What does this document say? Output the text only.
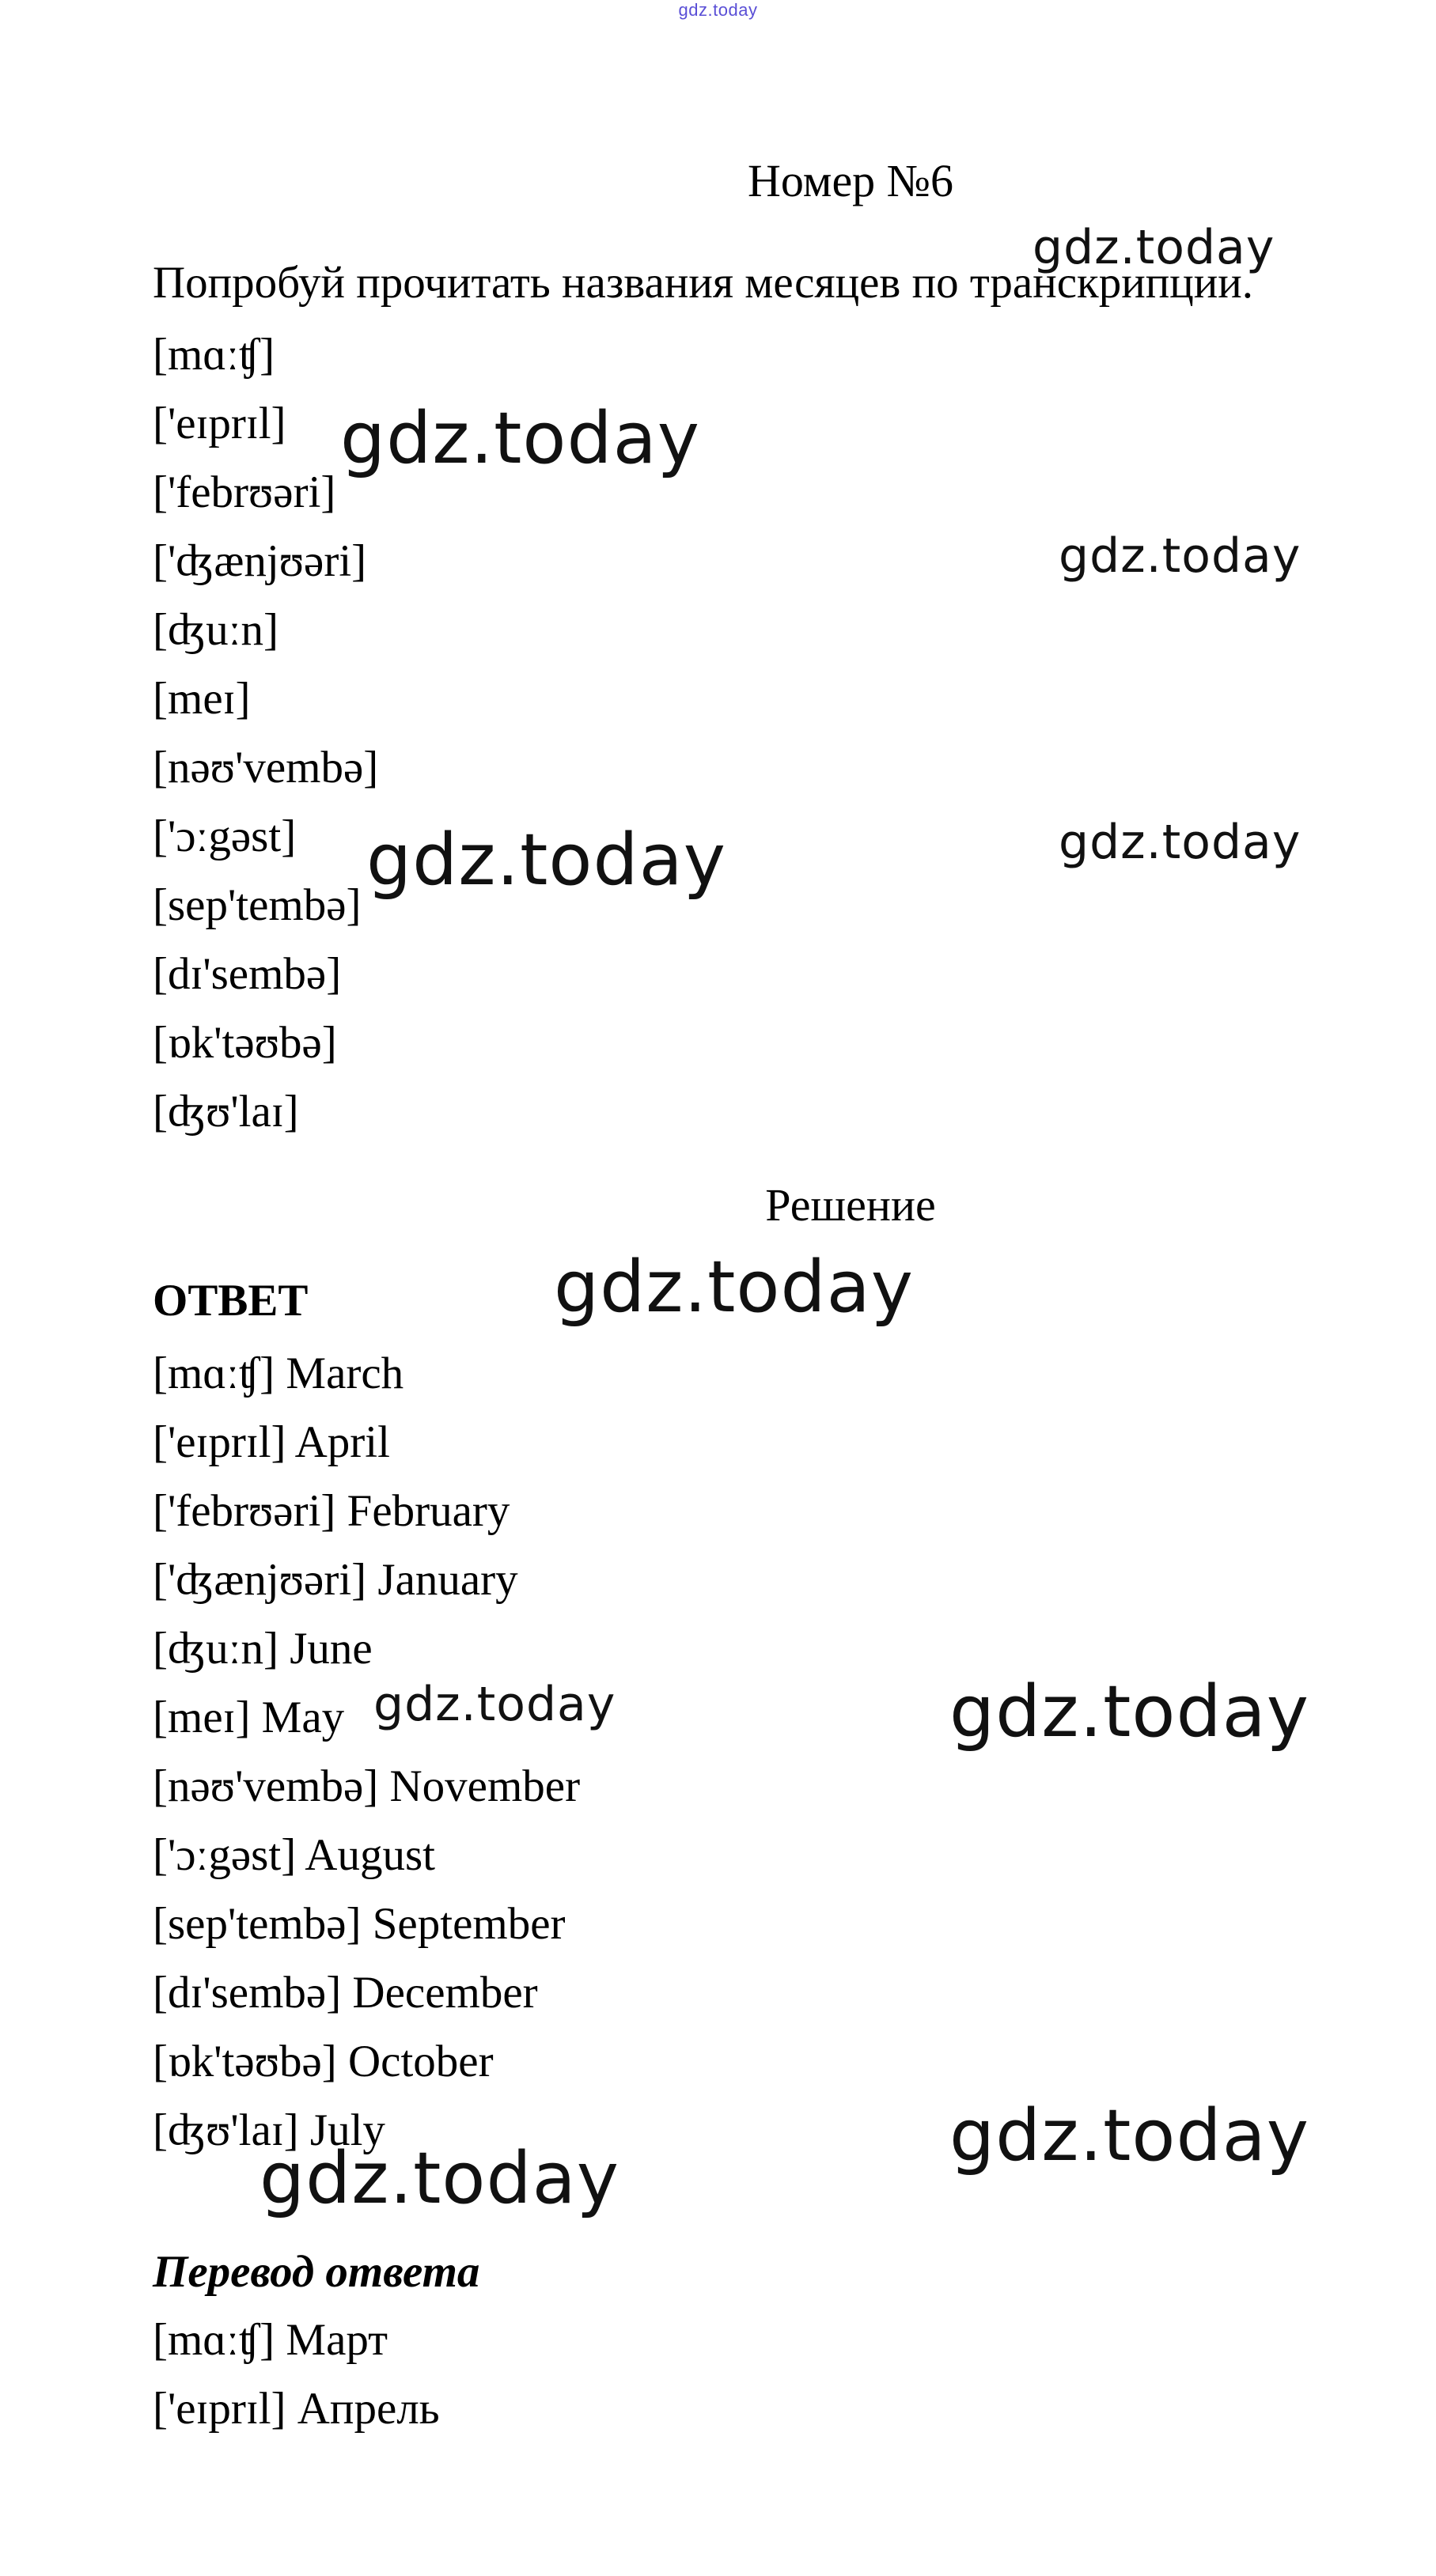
gdz.today
Номер №6
Попробуй прочитать названия месяцев по транскрипции.
[mɑːʧ]
['eɪprɪl]
['febrʊəri]
['ʤænjʊəri]
[ʤuːn]
[meɪ]
[nəʊ'vembə]
['ɔːgəst]
[sep'tembə]
[dɪ'sembə]
[ɒk'təʊbə]
[ʤʊ'laɪ]
Решение
ОТВЕТ
[mɑːʧ] March
['eɪprɪl] April
['febrʊəri] February
['ʤænjʊəri] January
[ʤuːn] June
[meɪ] May
[nəʊ'vembə] November
['ɔːgəst] August
[sep'tembə] September
[dɪ'sembə] December
[ɒk'təʊbə] October
[ʤʊ'laɪ] July
Перевод ответа
[mɑːʧ] Март
['eɪprɪl] Апрель
gdz.today
gdz.today
gdz.today
gdz.today	gdz.today
gdz.today
gdz.today	gdz.today
gdz.today
gdz.today
